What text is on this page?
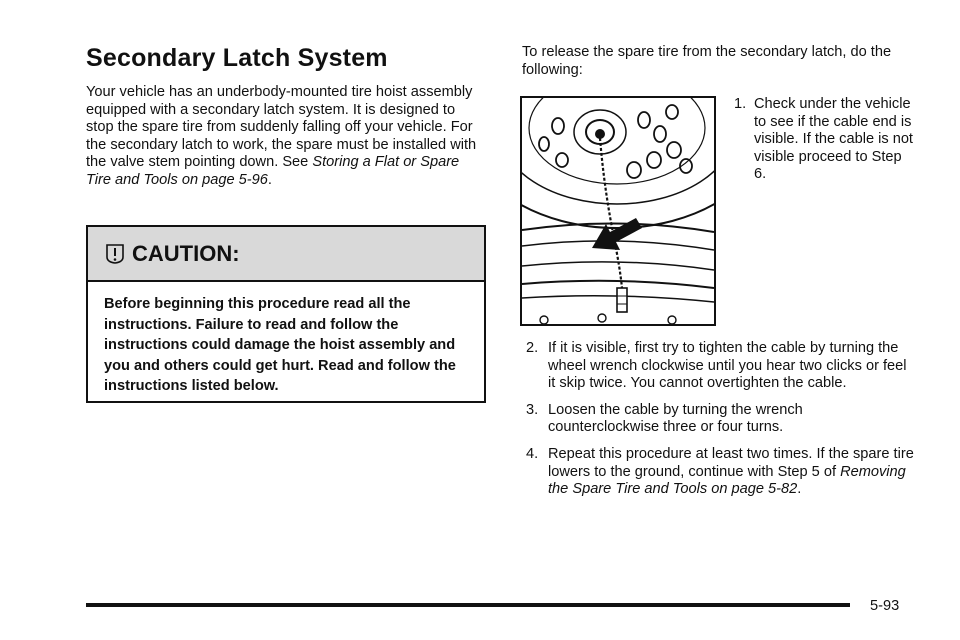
Secondary Latch System
Your vehicle has an underbody-mounted tire hoist assembly equipped with a secondary latch system. It is designed to stop the spare tire from suddenly falling off your vehicle. For the secondary latch to work, the spare must be installed with the valve stem pointing down. See Storing a Flat or Spare Tire and Tools on page 5-96.
CAUTION:
Before beginning this procedure read all the instructions. Failure to read and follow the instructions could damage the hoist assembly and you and others could get hurt. Read and follow the instructions listed below.
To release the spare tire from the secondary latch, do the following:
1. Check under the vehicle to see if the cable end is visible. If the cable is not visible proceed to Step 6.
2. If it is visible, first try to tighten the cable by turning the wheel wrench clockwise until you hear two clicks or feel it skip twice. You cannot overtighten the cable.
3. Loosen the cable by turning the wrench counterclockwise three or four turns.
4. Repeat this procedure at least two times. If the spare tire lowers to the ground, continue with Step 5 of Removing the Spare Tire and Tools on page 5-82.
5-93
